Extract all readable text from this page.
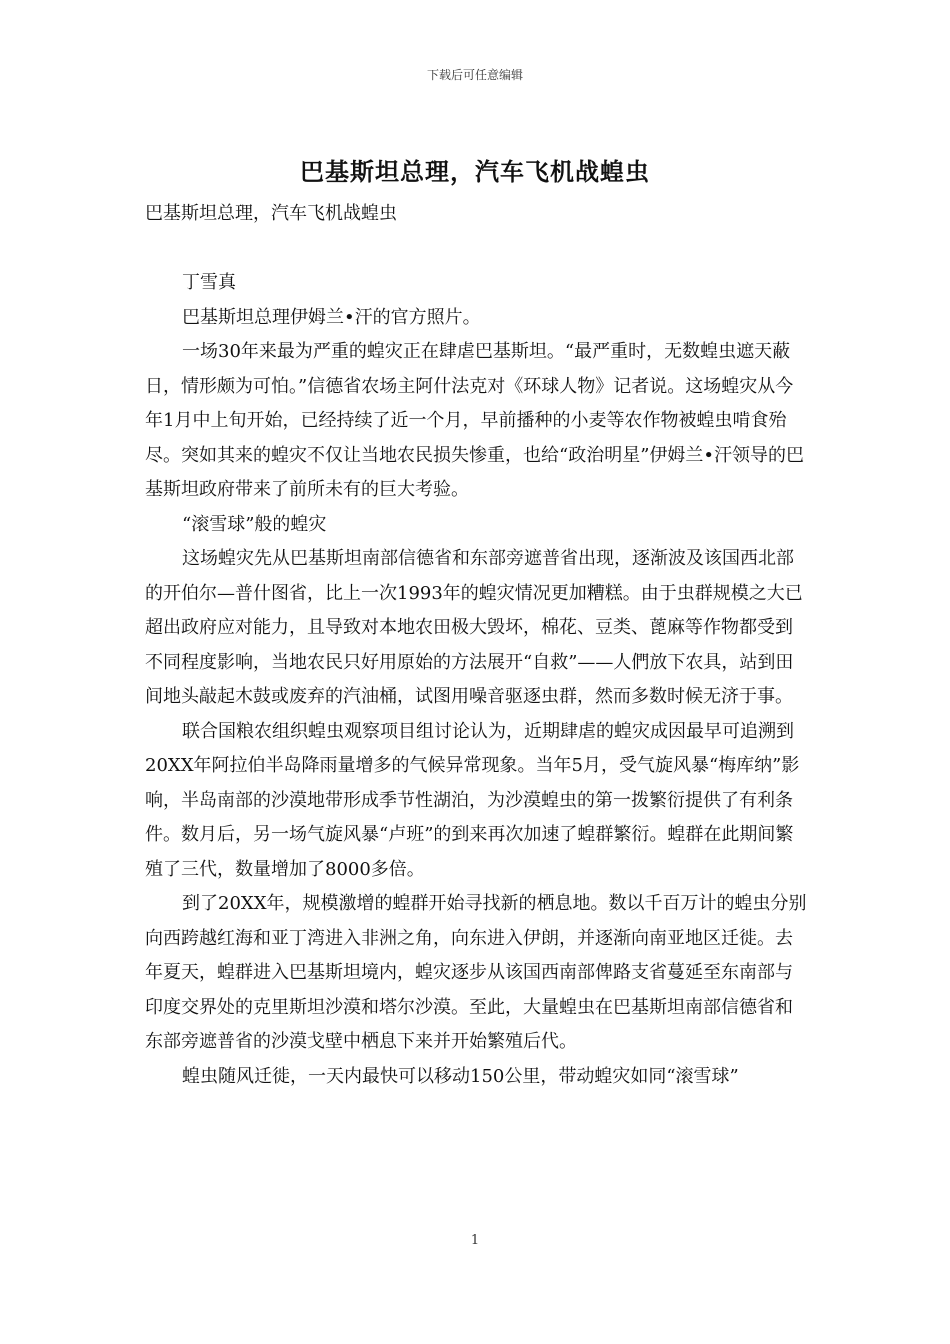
下载后可任意编辑
巴基斯坦总理，汽车飞机战蝗虫

巴基斯坦总理，汽车飞机战蝗虫

丁雪真

巴基斯坦总理伊姆兰•汗的官方照片。

一场30年来最为严重的蝗灾正在肆虐巴基斯坦。“最严重时，无数蝗虫遮天蔽日，情形颇为可怕。”信德省农场主阿什法克对《环球人物》记者说。这场蝗灾从今年1月中上旬开始，已经持续了近一个月，早前播种的小麦等农作物被蝗虫啃食殆尽。突如其来的蝗灾不仅让当地农民损失惨重，也给“政治明星”伊姆兰•汗领导的巴基斯坦政府带来了前所未有的巨大考验。

“滚雪球”般的蝗灾

这场蝗灾先从巴基斯坦南部信德省和东部旁遮普省出现，逐渐波及该国西北部的开伯尔—普什图省，比上一次1993年的蝗灾情况更加糟糕。由于虫群规模之大已超出政府应对能力，且导致对本地农田极大毁坏，棉花、豆类、蓖麻等作物都受到不同程度影响，当地农民只好用原始的方法展开“自救”——人們放下农具，站到田间地头敲起木鼓或废弃的汽油桶，试图用噪音驱逐虫群，然而多数时候无济于事。

联合国粮农组织蝗虫观察项目组讨论认为，近期肆虐的蝗灾成因最早可追溯到20XX年阿拉伯半岛降雨量增多的气候异常现象。当年5月，受气旋风暴“梅库纳”影响，半岛南部的沙漠地带形成季节性湖泊，为沙漠蝗虫的第一拨繁衍提供了有利条件。数月后，另一场气旋风暴“卢班”的到来再次加速了蝗群繁衍。蝗群在此期间繁殖了三代，数量增加了8000多倍。

到了20XX年，规模激增的蝗群开始寻找新的栖息地。数以千百万计的蝗虫分别向西跨越红海和亚丁湾进入非洲之角，向东进入伊朗，并逐渐向南亚地区迁徙。去年夏天，蝗群进入巴基斯坦境内，蝗灾逐步从该国西南部俾路支省蔓延至东南部与印度交界处的克里斯坦沙漠和塔尔沙漠。至此，大量蝗虫在巴基斯坦南部信德省和东部旁遮普省的沙漠戈壁中栖息下来并开始繁殖后代。

蝗虫随风迁徙，一天内最快可以移动150公里，带动蝗灾如同“滚雪球”

1
